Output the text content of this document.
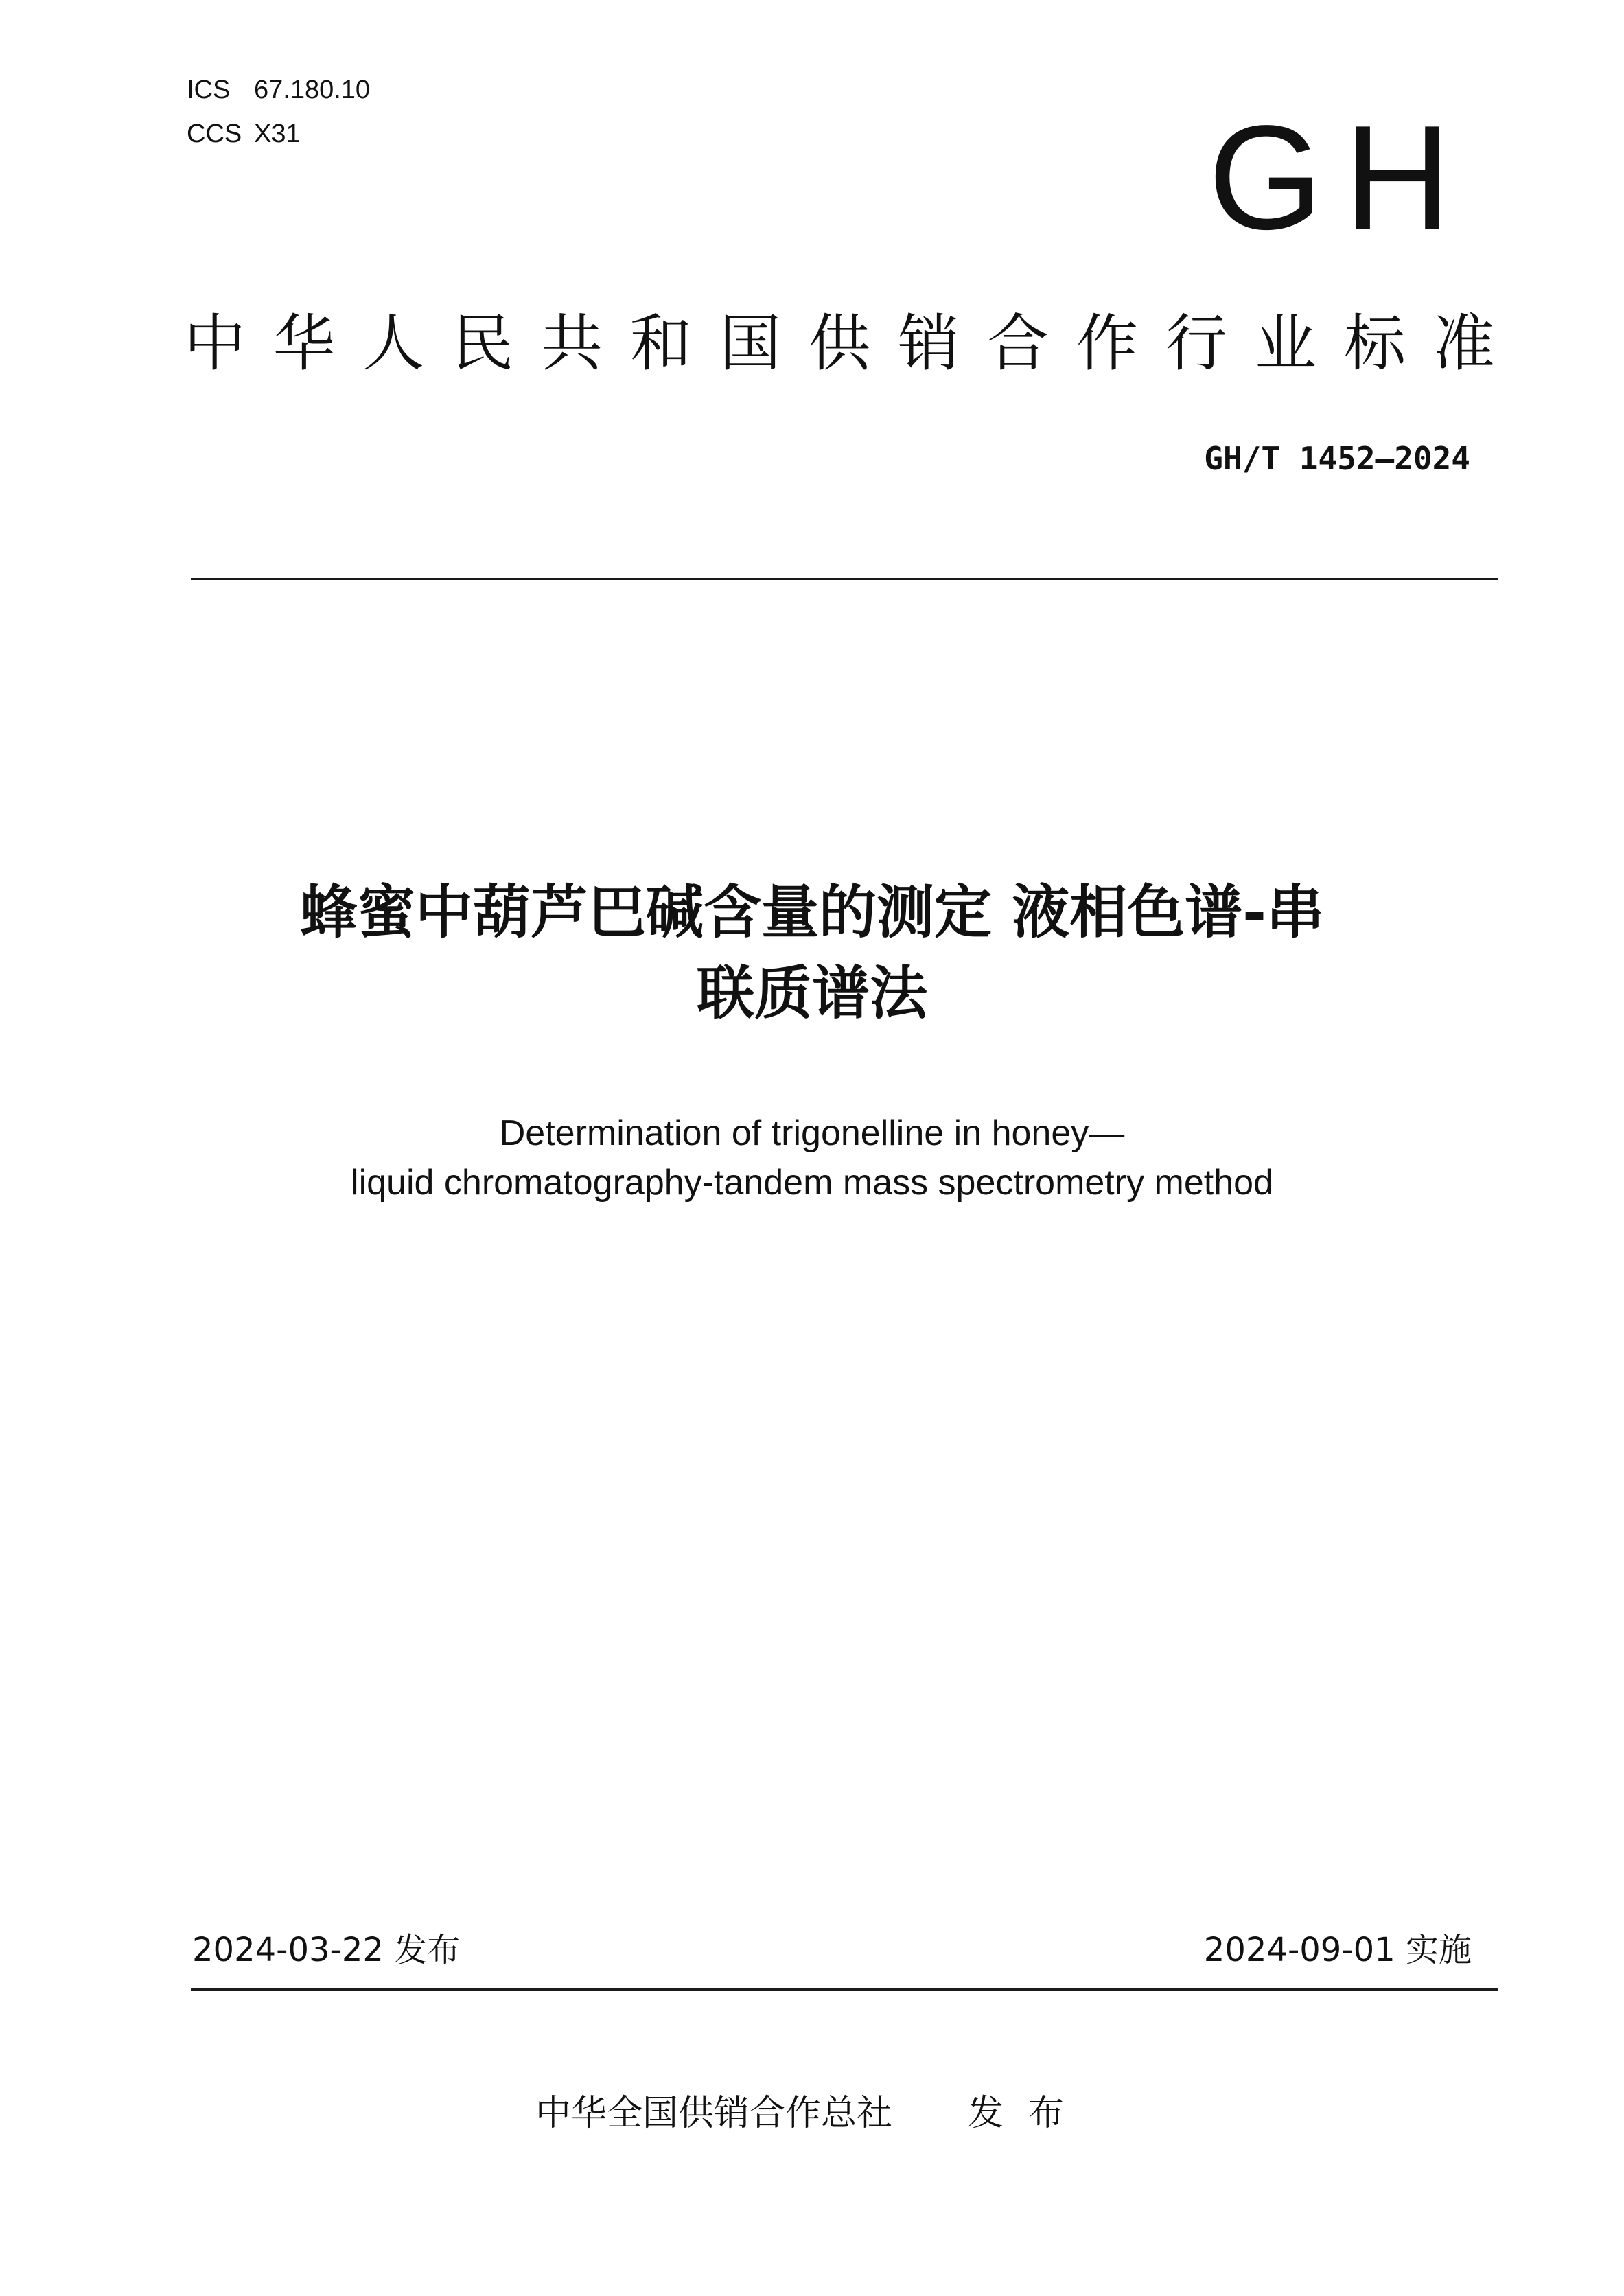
ICS 67.180.10
CCS X31	GH
中华人民共和国供销合作行业标准
GH/T 1452—2024
蜂蜜中葫芦巴碱含量的测定 液相色谱-串
联质谱法
Determination of trigonelline in honey—
liquid chromatography-tandem mass spectrometry method
2024-03-22 发布	2024-09-01 实施
中华全国供销合作总社 发布
